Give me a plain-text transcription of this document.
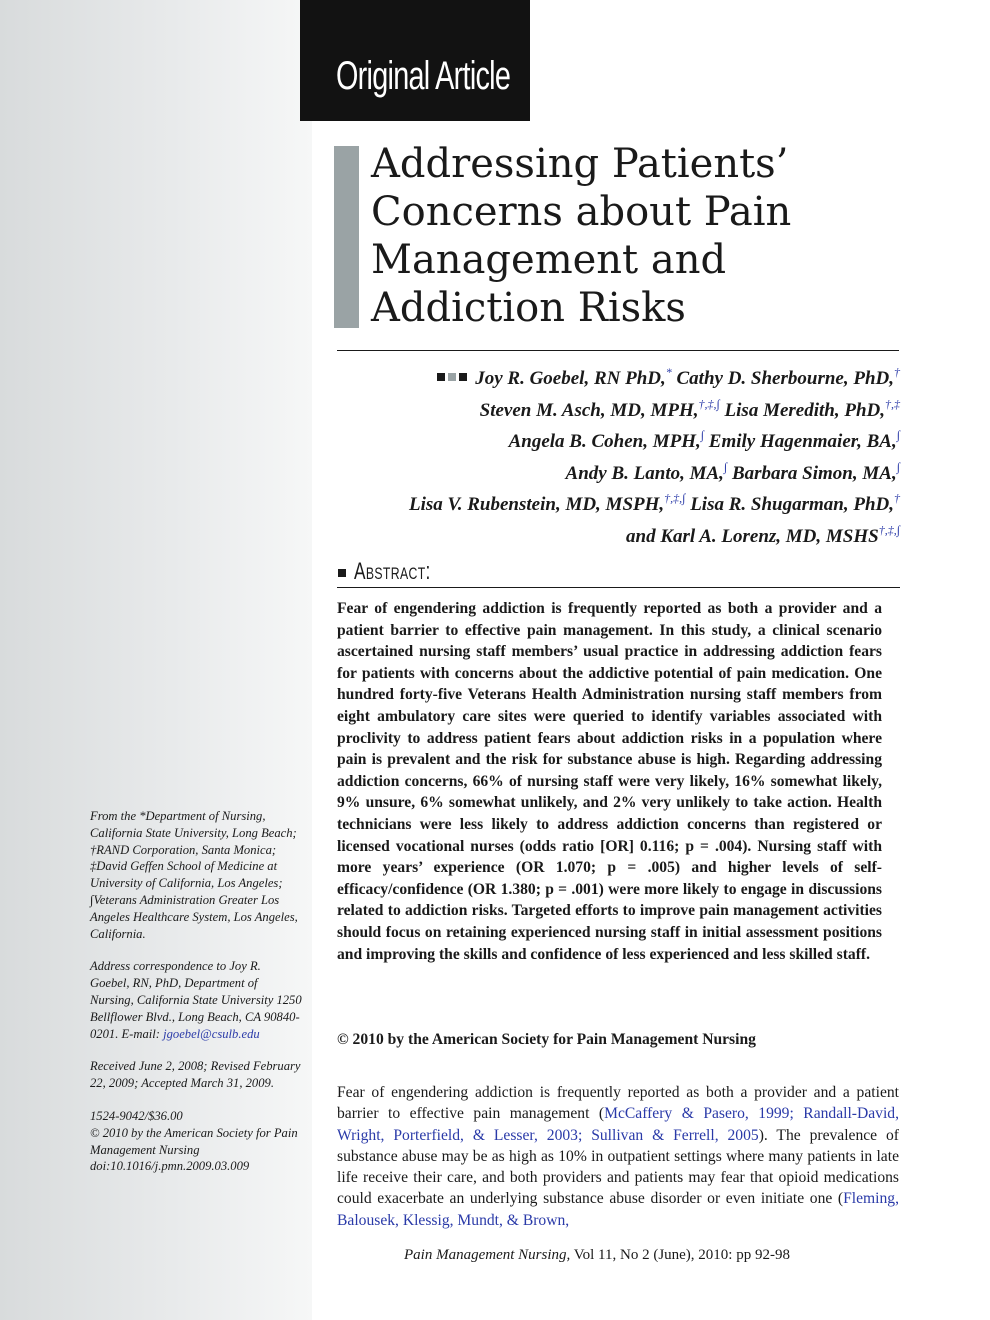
Original Article
Addressing Patients’ Concerns about Pain Management and Addiction Risks
Joy R. Goebel, RN PhD,* Cathy D. Sherbourne, PhD,†
Steven M. Asch, MD, MPH,†,‡,∫ Lisa Meredith, PhD,†,‡
Angela B. Cohen, MPH,∫ Emily Hagenmaier, BA,∫
Andy B. Lanto, MA,∫ Barbara Simon, MA,∫
Lisa V. Rubenstein, MD, MSPH,†,‡,∫ Lisa R. Shugarman, PhD,†
and Karl A. Lorenz, MD, MSHS†,‡,∫
Abstract:

Fear of engendering addiction is frequently reported as both a provider and a patient barrier to effective pain management. In this study, a clinical scenario ascertained nursing staff members’ usual practice in addressing addiction fears for patients with concerns about the addictive potential of pain medication. One hundred forty-five Veterans Health Administration nursing staff members from eight ambulatory care sites were queried to identify variables associated with proclivity to address patient fears about addiction risks in a population where pain is prevalent and the risk for substance abuse is high. Regarding addressing addiction concerns, 66% of nursing staff were very likely, 16% somewhat likely, 9% unsure, 6% somewhat unlikely, and 2% very unlikely to take action. Health technicians were less likely to address addiction concerns than registered or licensed vocational nurses (odds ratio [OR] 0.116; p = .004). Nursing staff with more years’ experience (OR 1.070; p = .005) and higher levels of self-efficacy/confidence (OR 1.380; p = .001) were more likely to engage in discussions related to addiction risks. Targeted efforts to improve pain management activities should focus on retaining experienced nursing staff in initial assessment positions and improving the skills and confidence of less experienced and less skilled staff.

© 2010 by the American Society for Pain Management Nursing

Fear of engendering addiction is frequently reported as both a provider and a patient barrier to effective pain management (McCaffery & Pasero, 1999; Randall-David, Wright, Porterfield, & Lesser, 2003; Sullivan & Ferrell, 2005). The prevalence of substance abuse may be as high as 10% in outpatient settings where many patients in late life receive their care, and both providers and patients may fear that opioid medications could exacerbate an underlying substance abuse disorder or even initiate one (Fleming, Balousek, Klessig, Mundt, & Brown,

From the *Department of Nursing, California State University, Long Beach; †RAND Corporation, Santa Monica; ‡David Geffen School of Medicine at University of California, Los Angeles; ∫Veterans Administration Greater Los Angeles Healthcare System, Los Angeles, California.

Address correspondence to Joy R. Goebel, RN, PhD, Department of Nursing, California State University 1250 Bellflower Blvd., Long Beach, CA 90840-0201. E-mail: jgoebel@csulb.edu

Received June 2, 2008; Revised February 22, 2009; Accepted March 31, 2009.

1524-9042/$36.00
© 2010 by the American Society for Pain Management Nursing
doi:10.1016/j.pmn.2009.03.009

Pain Management Nursing, Vol 11, No 2 (June), 2010: pp 92-98
